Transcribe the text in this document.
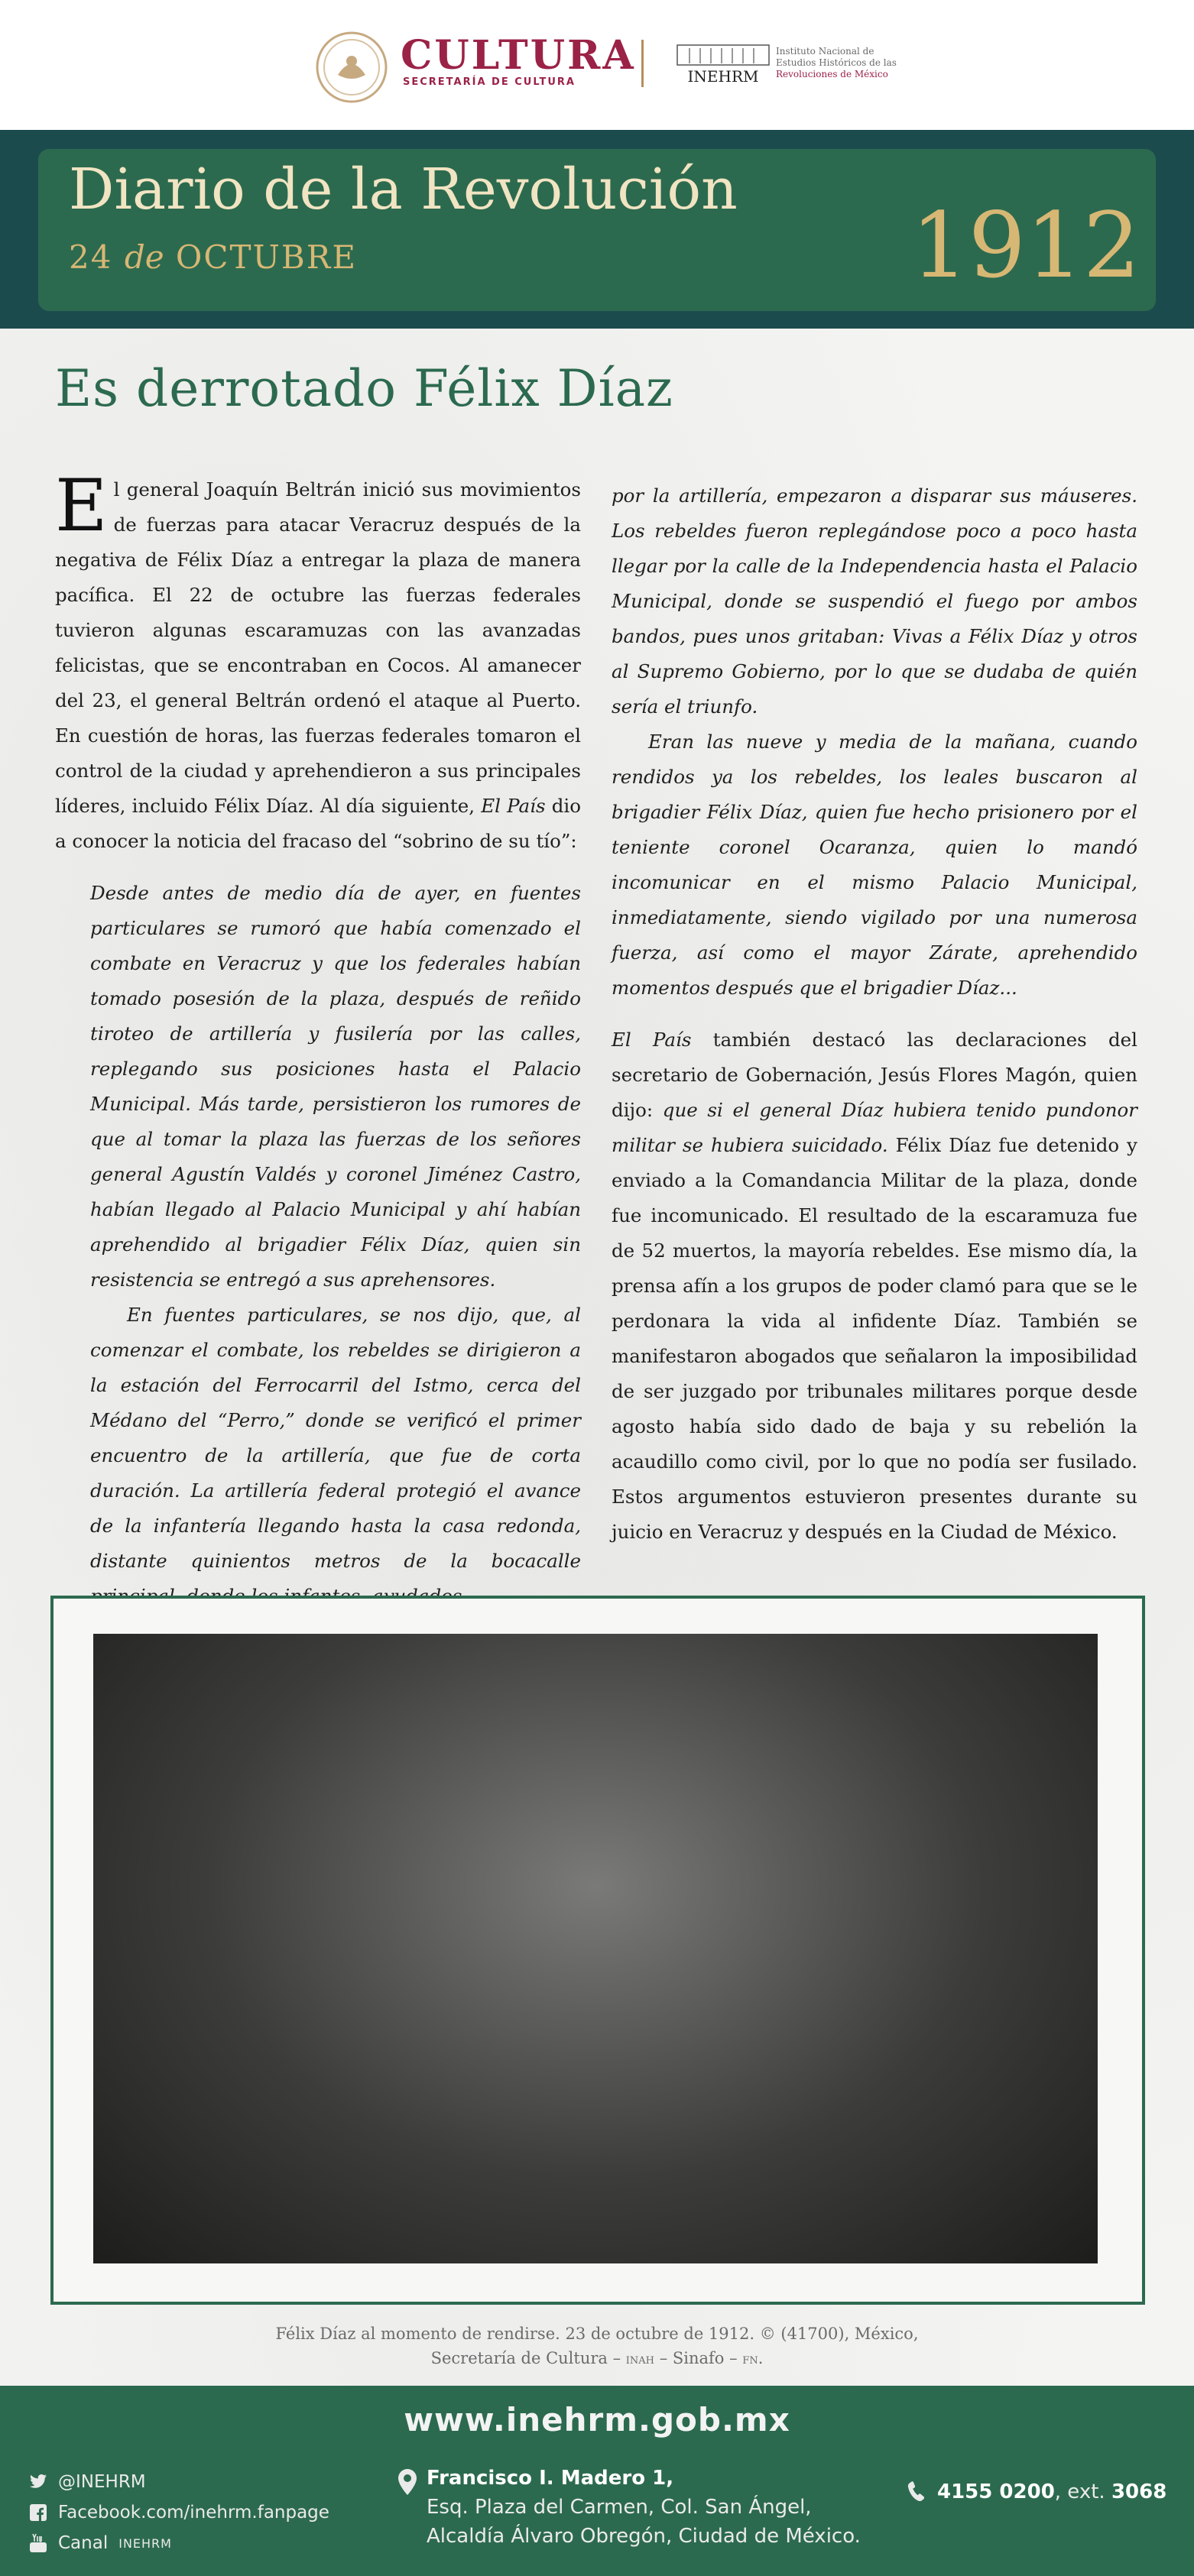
CULTURA
SECRETARÍA DE CULTURA	INEHRM
Instituto Nacional de
Estudios Históricos de las
Revoluciones de México
Diario de la Revolución
24 de OCTUBRE	1912
Es derrotado Félix Díaz

El general Joaquín Beltrán inició sus movimientos de fuerzas para atacar Veracruz después de la negativa de Félix Díaz a entregar la plaza de manera pacífica. El 22 de octubre las fuerzas federales tuvieron algunas escaramuzas con las avanzadas felicistas, que se encontraban en Cocos. Al amanecer del 23, el general Beltrán ordenó el ataque al Puerto. En cuestión de horas, las fuerzas federales tomaron el control de la ciudad y aprehendieron a sus principales líderes, incluido Félix Díaz. Al día siguiente, El País dio a conocer la noticia del fracaso del “sobrino de su tío”:

Desde antes de medio día de ayer, en fuentes particulares se rumoró que había comenzado el combate en Veracruz y que los federales habían tomado posesión de la plaza, después de reñido tiroteo de artillería y fusilería por las calles, replegando sus posiciones hasta el Palacio Municipal. Más tarde, persistieron los rumores de que al tomar la plaza las fuerzas de los señores general Agustín Valdés y coronel Jiménez Castro, habían llegado al Palacio Municipal y ahí habían aprehendido al brigadier Félix Díaz, quien sin resistencia se entregó a sus aprehensores.

En fuentes particulares, se nos dijo, que, al comenzar el combate, los rebeldes se dirigieron a la estación del Ferrocarril del Istmo, cerca del Médano del “Perro,” donde se verificó el primer encuentro de la artillería, que fue de corta duración. La artillería federal protegió el avance de la infantería llegando hasta la casa redonda, distante quinientos metros de la bocacalle

por la artillería, empezaron a disparar sus máuseres. Los rebeldes fueron replegándose poco a poco hasta llegar por la calle de la Independencia hasta el Palacio Municipal, donde se suspendió el fuego por ambos bandos, pues unos gritaban: Vivas a Félix Díaz y otros al Supremo Gobierno, por lo que se dudaba de quién sería el triunfo.

Eran las nueve y media de la mañana, cuando rendidos ya los rebeldes, los leales buscaron al brigadier Félix Díaz, quien fue hecho prisionero por el teniente coronel Ocaranza, quien lo mandó incomunicar en el mismo Palacio Municipal, inmediatamente, siendo vigilado por una numerosa fuerza, así como el mayor Zárate, aprehendido momentos después que el brigadier Díaz...

El País también destacó las declaraciones del secretario de Gobernación, Jesús Flores Magón, quien dijo: que si el general Díaz hubiera tenido pundonor militar se hubiera suicidado. Félix Díaz fue detenido y enviado a la Comandancia Militar de la plaza, donde fue incomunicado. El resultado de la escaramuza fue de 52 muertos, la mayoría rebeldes. Ese mismo día, la prensa afín a los grupos de poder clamó para que se le perdonara la vida al infidente Díaz. También se manifestaron abogados que señalaron la imposibilidad de ser juzgado por tribunales militares porque desde agosto había sido dado de baja y su rebelión la acaudillo como civil, por lo que no podía ser fusilado. Estos argumentos estuvieron presentes durante su juicio en Veracruz y después en la Ciudad de México.

Félix Díaz al momento de rendirse. 23 de octubre de 1912. © (41700), México,
Secretaría de Cultura – inah – Sinafo – fn.
www.inehrm.gob.mx
@INEHRM
Facebook.com/inehrm.fanpage
Canal INEHRM
Francisco I. Madero 1,
Esq. Plaza del Carmen, Col. San Ángel,
Alcaldía Álvaro Obregón, Ciudad de México.
4155 0200, ext. 3068
